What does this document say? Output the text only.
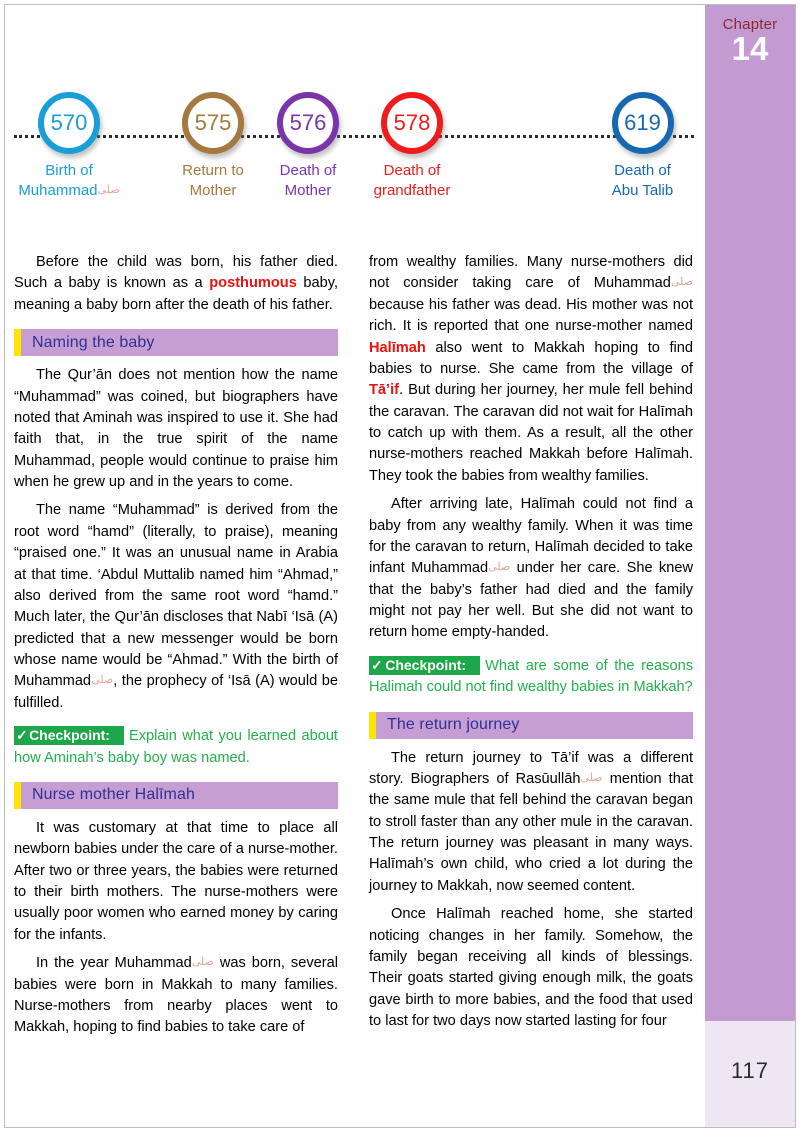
Chapter
14
117
570
Birth of
Muhammadصلى
575
Return to
Mother
576
Death of
Mother
578
Death of
grandfather
619
Death of
Abu Talib

Before the child was born, his father died. Such a baby is known as a posthumous baby, meaning a baby born after the death of his father.

Naming the baby

The Qur’ān does not mention how the name “Muhammad” was coined, but biographers have noted that Aminah was inspired to use it. She had faith that, in the true spirit of the name Muhammad, people would continue to praise him when he grew up and in the years to come.

The name “Muhammad” is derived from the root word “hamd” (literally, to praise), meaning “praised one.” It was an unusual name in Arabia at that time. ‘Abdul Muttalib named him “Ahmad,” also derived from the same root word “hamd.” Much later, the Qur’ān discloses that Nabī ‘Isā (A) predicted that a new messenger would be born whose name would be “Ahmad.” With the birth of Muhammadصلى, the prophecy of ‘Isā (A) would be fulfilled.

✓Checkpoint: Explain what you learned about how Aminah’s baby boy was named.
Nurse mother Halīmah

It was customary at that time to place all newborn babies under the care of a nurse-mother. After two or three years, the babies were returned to their birth mothers. The nurse-mothers were usually poor women who earned money by caring for the infants.

In the year Muhammadصلى was born, several babies were born in Makkah to many families. Nurse-mothers from nearby places went to Makkah, hoping to find babies to take care of

from wealthy families. Many nurse-mothers did not consider taking care of Muhammadصلى because his father was dead. His mother was not rich. It is reported that one nurse-mother named Halīmah also went to Makkah hoping to find babies to nurse. She came from the village of Tā’if. But during her journey, her mule fell behind the caravan. The caravan did not wait for Halīmah to catch up with them. As a result, all the other nurse-mothers reached Makkah before Halīmah. They took the babies from wealthy families.

After arriving late, Halīmah could not find a baby from any wealthy family. When it was time for the caravan to return, Halīmah decided to take infant Muhammadصلى under her care. She knew that the baby’s father had died and the family might not pay her well. But she did not want to return home empty-handed.

✓Checkpoint: What are some of the reasons Halimah could not find wealthy babies in Makkah?
The return journey

The return journey to Tā’if was a different story. Biographers of Rasūullāhصلى mention that the same mule that fell behind the caravan began to stroll faster than any other mule in the caravan. The return journey was pleasant in many ways. Halīmah’s own child, who cried a lot during the journey to Makkah, now seemed content.

Once Halīmah reached home, she started noticing changes in her family. Somehow, the family began receiving all kinds of blessings. Their goats started giving enough milk, the goats gave birth to more babies, and the food that used to last for two days now started lasting for four
